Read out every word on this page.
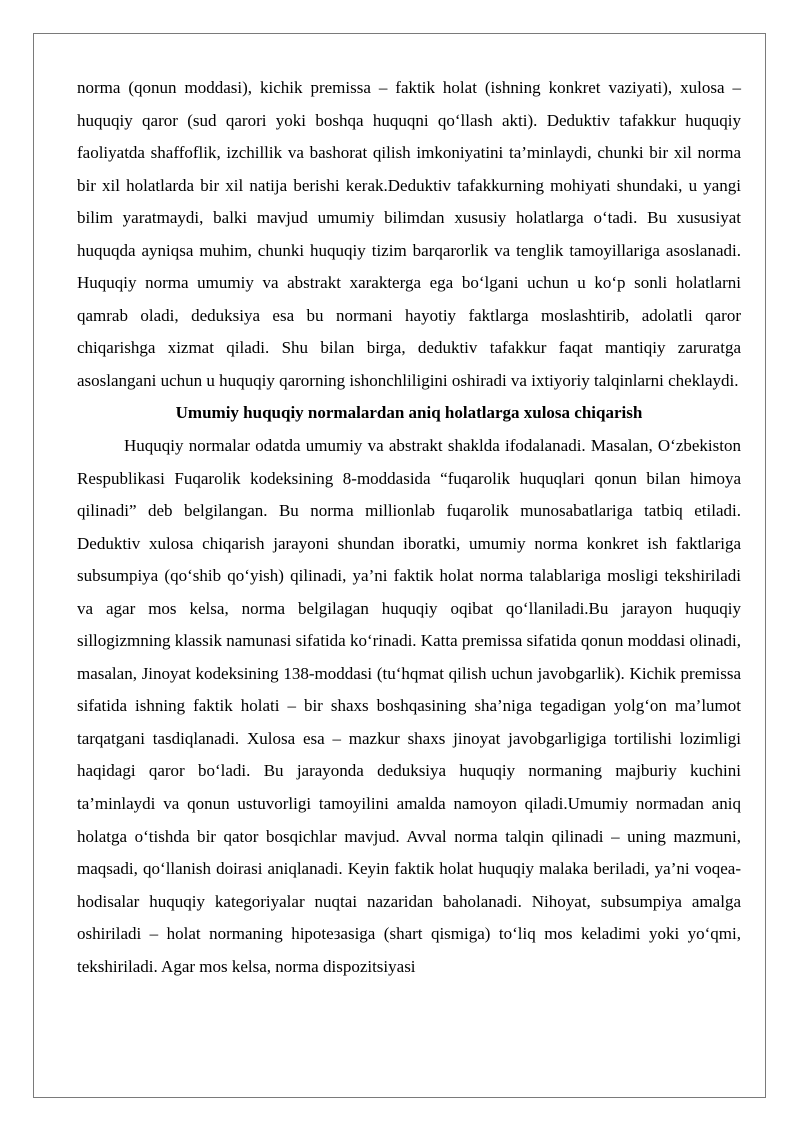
norma (qonun moddasi), kichik premissa – faktik holat (ishning konkret vaziyati), xulosa – huquqiy qaror (sud qarori yoki boshqa huquqni qo‘llash akti). Deduktiv tafakkur huquqiy faoliyatda shaffoflik, izchillik va bashorat qilish imkoniyatini ta’minlaydi, chunki bir xil norma bir xil holatlarda bir xil natija berishi kerak.Deduktiv tafakkurning mohiyati shundaki, u yangi bilim yaratmaydi, balki mavjud umumiy bilimdan xususiy holatlarga o‘tadi. Bu xususiyat huquqda ayniqsa muhim, chunki huquqiy tizim barqarorlik va tenglik tamoyillariga asoslanadi. Huquqiy norma umumiy va abstrakt xarakterga ega bo‘lgani uchun u ko‘p sonli holatlarni qamrab oladi, deduksiya esa bu normani hayotiy faktlarga moslashtirib, adolatli qaror chiqarishga xizmat qiladi. Shu bilan birga, deduktiv tafakkur faqat mantiqiy zaruratga asoslangani uchun u huquqiy qarorning ishonchliligini oshiradi va ixtiyoriy talqinlarni cheklaydi.

Umumiy huquqiy normalardan aniq holatlarga xulosa chiqarish

Huquqiy normalar odatda umumiy va abstrakt shaklda ifodalanadi. Masalan, O‘zbekiston Respublikasi Fuqarolik kodeksining 8-moddasida “fuqarolik huquqlari qonun bilan himoya qilinadi” deb belgilangan. Bu norma millionlab fuqarolik munosabatlariga tatbiq etiladi. Deduktiv xulosa chiqarish jarayoni shundan iboratki, umumiy norma konkret ish faktlariga subsumpiya (qo‘shib qo‘yish) qilinadi, ya’ni faktik holat norma talablariga mosligi tekshiriladi va agar mos kelsa, norma belgilagan huquqiy oqibat qo‘llaniladi.Bu jarayon huquqiy sillogizmning klassik namunasi sifatida ko‘rinadi. Katta premissa sifatida qonun moddasi olinadi, masalan, Jinoyat kodeksining 138-moddasi (tu‘hqmat qilish uchun javobgarlik). Kichik premissa sifatida ishning faktik holati – bir shaxs boshqasining sha’niga tegadigan yolg‘on ma’lumot tarqatgani tasdiqlanadi. Xulosa esa – mazkur shaxs jinoyat javobgarligiga tortilishi lozimligi haqidagi qaror bo‘ladi. Bu jarayonda deduksiya huquqiy normaning majburiy kuchini ta’minlaydi va qonun ustuvorligi tamoyilini amalda namoyon qiladi.Umumiy normadan aniq holatga o‘tishda bir qator bosqichlar mavjud. Avval norma talqin qilinadi – uning mazmuni, maqsadi, qo‘llanish doirasi aniqlanadi. Keyin faktik holat huquqiy malaka beriladi, ya’ni voqea-hodisalar huquqiy kategoriyalar nuqtai nazaridan baholanadi. Nihoyat, subsumpiya amalga oshiriladi – holat normaning hipoteзasiga (shart qismiga) to‘liq mos keladimi yoki yo‘qmi, tekshiriladi. Agar mos kelsa, norma dispozitsiyasi
